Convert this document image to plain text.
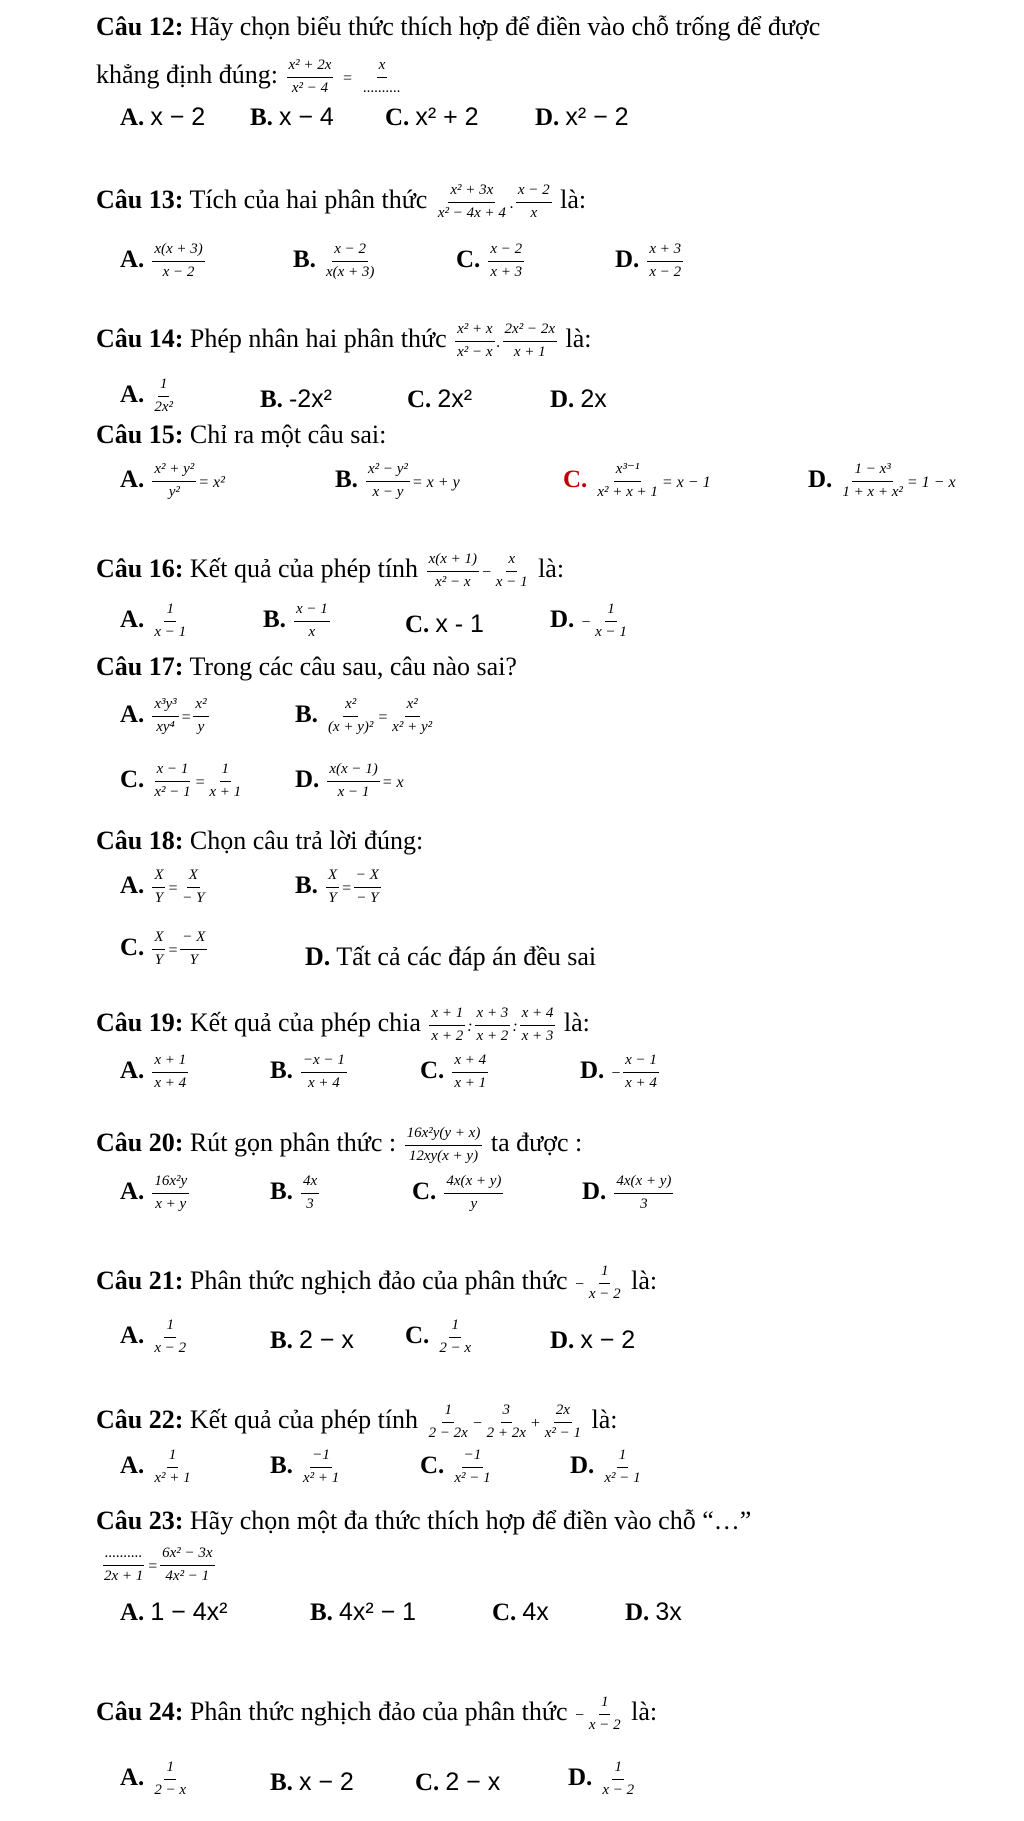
Câu 12: Hãy chọn biểu thức thích hợp để điền vào chỗ trống để được
khẳng định đúng: $\frac{\text{x² + 2x}}{\text{x² − 4}} = \frac{x}{..........}$
A. x − 2 B. x − 4 C. x² + 2 D. x² − 2
Câu 13: Tích của hai phân thức $\frac{\text{x² + 3x}}{\text{x² − 4x + 4}}$ . $\frac{x - 2}{x}$ là:
A. $\frac{x(x + 3)}{x - 2}$	B. $\frac{x - 2}{x(x + 3)}$	C. $\frac{x - 2}{x + 3}$	D. $\frac{x + 3}{x - 2}$
Câu 14: Phép nhân hai phân thức $\frac{\text{x² + x}}{\text{x² − x}}$ . $\frac{\text{2x² − 2x}}{x + 1}$ là:
A. $\frac{1}{\text{2x²}}$	B. -2x²	C. 2x²	D. 2x
Câu 15: Chỉ ra một câu sai:
A. $\frac{\text{x² + y²}}{\text{y²}} = x^2$	B. $\frac{\text{x² − y²}}{x - y} = x + y$	C. $\frac{\text{x³⁻¹}}{\text{x² + x + 1}} = x - 1$	D. $\frac{\text{1 − x³}}{\text{1 + x + x²}} = 1 - x$
Câu 16: Kết quả của phép tính $\frac{x(x + 1)}{\text{x² − x}} - \frac{x}{x - 1}$ là:
A. $\frac{1}{x - 1}$	B. $\frac{x - 1}{x}$	C. x - 1	D. − $\frac{1}{x - 1}$
Câu 17: Trong các câu sau, câu nào sai?
A. $\frac{\text{x³y³}}{\text{xy⁴}} = \frac{\text{x²}}{y}$	B. $\frac{\text{x²}}{\text{(x + y)²}} = \frac{\text{x²}}{\text{x² + y²}}$
C. $\frac{x - 1}{\text{x² − 1}} = \frac{1}{x + 1} D$. $\frac{x(x - 1)}{x - 1} = x$
Câu 18: Chọn câu trả lời đúng:
A. $\frac{X}{Y} = \frac{X}{- Y}$	B. $\frac{X}{Y} = \frac{- X}{- Y}$
C. $\frac{X}{Y} = \frac{- X}{Y}$	D. Tất cả các đáp án đều sai
Câu 19: Kết quả của phép chia $\frac{x + 1}{x + 2}$ : $\frac{x + 3}{x + 2}$ : $\frac{x + 4}{x + 3}$ là:
A. $\frac{x + 1}{x + 4}$	B. $\frac{-x - 1}{x + 4}$	C. $\frac{x + 4}{x + 1}$	D. − $\frac{x - 1}{x + 4}$
Câu 20: Rút gọn phân thức : $\frac{\text{16x²y(y + x)}}{12xy(x + y)}$ ta được :
A. $\frac{\text{16x²y}}{x + y}$	B. $\frac{4x}{3}$	C. $\frac{4x(x + y)}{y}$	D. $\frac{4x(x + y)}{3}$
Câu 21: Phân thức nghịch đảo của phân thức − $\frac{1}{x - 2}$ là:
A. $\frac{1}{x - 2}$	B. 2 − x C. $\frac{1}{2 - x}$	D. x − 2
Câu 22: Kết quả của phép tính $\frac{1}{2 - 2x} - \frac{3}{2 + 2x} + \frac{2x}{\text{x² − 1}}$ là:
A. $\frac{1}{\text{x² + 1}}$	B. $\frac{-1}{\text{x² + 1}}$	C. $\frac{-1}{\text{x² − 1}}$	D. $\frac{1}{\text{x² − 1}}$
Câu 23: Hãy chọn một đa thức thích hợp để điền vào chỗ “…”
$\frac{..........}{2x + 1} = \frac{\text{6x² − 3x}}{\text{4x² − 1}}$
A. 1 − 4x²	B. 4x² − 1	C. 4x	D. 3x
Câu 24: Phân thức nghịch đảo của phân thức − $\frac{1}{x - 2}$ là:
A. $\frac{1}{2 - x}$	B. x − 2 C. 2 − x	D. $\frac{1}{x - 2}$
